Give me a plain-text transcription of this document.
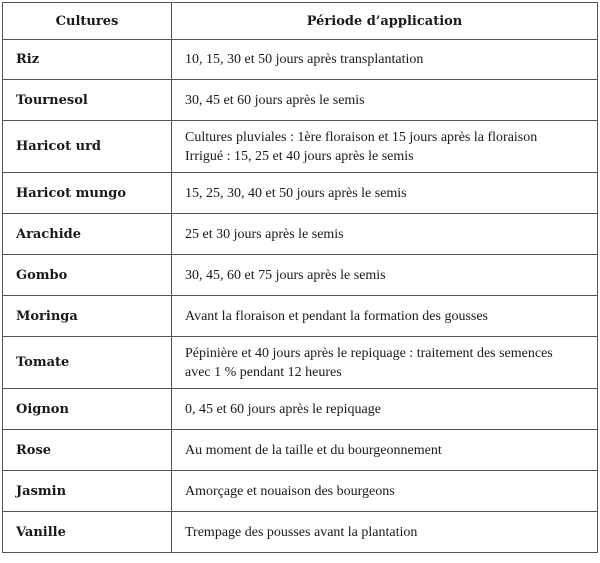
Cultures	Période d’application
Riz	10, 15, 30 et 50 jours après transplantation

Tournesol	30, 45 et 60 jours après le semis

Haricot urd	Cultures pluviales : 1ère floraison et 15 jours après la floraison
Irrigué : 15, 25 et 40 jours après le semis

Haricot mungo	15, 25, 30, 40 et 50 jours après le semis

Arachide	25 et 30 jours après le semis

Gombo	30, 45, 60 et 75 jours après le semis

Moringa	Avant la floraison et pendant la formation des gousses

Tomate	Pépinière et 40 jours après le repiquage : traitement des semences
avec 1 % pendant 12 heures

Oignon	0, 45 et 60 jours après le repiquage

Rose	Au moment de la taille et du bourgeonnement

Jasmin	Amorçage et nouaison des bourgeons

Vanille	Trempage des pousses avant la plantation
